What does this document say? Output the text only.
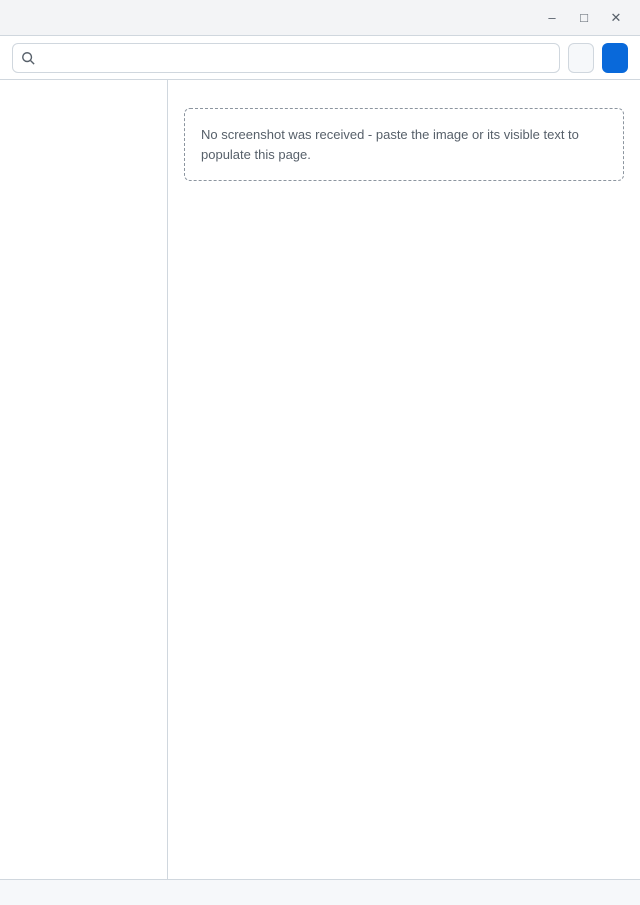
–	□	✕
No screenshot was received - paste the image or its visible text to populate this page.
